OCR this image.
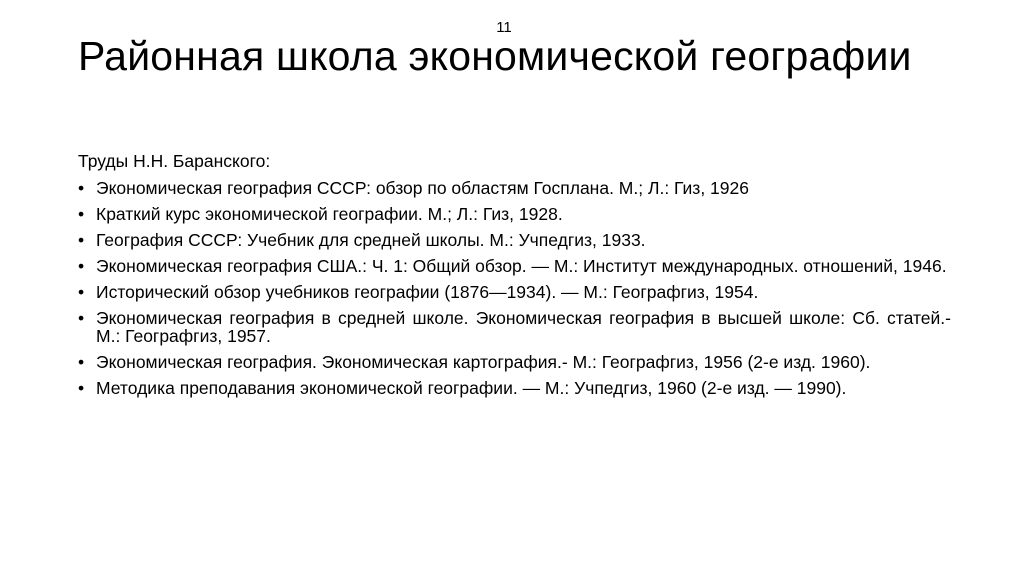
11
Районная школа экономической географии

Труды Н.Н. Баранского:

• Экономическая география СССР: обзор по областям Госплана. М.; Л.: Гиз, 1926
• Краткий курс экономической географии. М.; Л.: Гиз, 1928.
• География СССР: Учебник для средней школы. М.: Учпедгиз, 1933.
• Экономическая география США.: Ч. 1: Общий обзор. — М.: Институт международных. отношений, 1946.
• Исторический обзор учебников географии (1876—1934). — М.: Географгиз, 1954.
• Экономическая география в средней школе. Экономическая география в высшей школе: Сб. статей.- М.: Географгиз, 1957.
• Экономическая география. Экономическая картография.- М.: Географгиз, 1956 (2-е изд. 1960).
• Методика преподавания экономической географии. — М.: Учпедгиз, 1960 (2-е изд. — 1990).
